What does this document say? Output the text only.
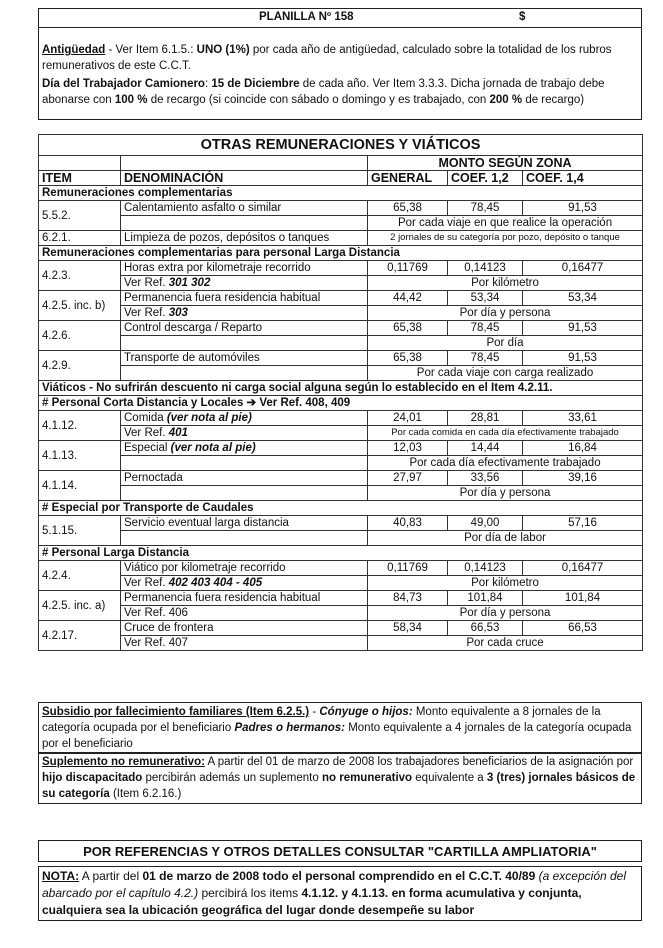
PLANILLA Nº 158	$
Antigüedad - Ver Item 6.1.5.: UNO (1%) por cada año de antigüedad, calculado sobre la totalidad de los rubros remunerativos de este C.C.T.
Día del Trabajador Camionero: 15 de Diciembre de cada año. Ver Item 3.3.3. Dicha jornada de trabajo debe abonarse con 100 % de recargo (si coincide con sábado o domingo y es trabajado, con 200 % de recargo)
OTRAS REMUNERACIONES Y VIÁTICOS				
		MONTO SEGÚN ZONA		
ITEM	DENOMINACIÓN	GENERAL	COEF. 1,2	COEF. 1,4
Remuneraciones complementarias				
5.5.2.	Calentamiento asfalto o similar	65,38	78,45	91,53
		Por cada viaje en que realice la operación		
6.2.1.	Limpieza de pozos, depósitos o tanques	2 jornales de su categoría por pozo, depósito o tanque		
Remuneraciones complementarias para personal Larga Distancia				
4.2.3.	Horas extra por kilometraje recorrido	0,11769	0,14123	0,16477
	Ver Ref. 301 302	Por kilómetro		
4.2.5. inc. b)	Permanencia fuera residencia habitual	44,42	53,34	53,34
	Ver Ref. 303	Por día y persona		
4.2.6.	Control descarga / Reparto	65,38	78,45	91,53
		Por día		
4.2.9.	Transporte de automóviles	65,38	78,45	91,53
		Por cada viaje con carga realizado		
Viáticos - No sufrirán descuento ni carga social alguna según lo establecido en el Item 4.2.11.				
# Personal Corta Distancia y Locales ➔ Ver Ref. 408, 409				
4.1.12.	Comida (ver nota al pie)	24,01	28,81	33,61
	Ver Ref. 401	Por cada comida en cada día efectivamente trabajado		
4.1.13.	Especial (ver nota al pie)	12,03	14,44	16,84
		Por cada día efectivamente trabajado		
4.1.14.	Pernoctada	27,97	33,56	39,16
		Por día y persona		
# Especial por Transporte de Caudales				
5.1.15.	Servicio eventual larga distancia	40,83	49,00	57,16
		Por día de labor		
# Personal Larga Distancia				
4.2.4.	Viático por kilometraje recorrido	0,11769	0,14123	0,16477
	Ver Ref. 402 403 404 - 405	Por kilómetro		
4.2.5. inc. a)	Permanencia fuera residencia habitual	84,73	101,84	101,84
	Ver Ref. 406	Por día y persona		
4.2.17.	Cruce de frontera	58,34	66,53	66,53
	Ver Ref. 407	Por cada cruce		
Subsidio por fallecimiento familiares (Item 6.2.5.) - Cónyuge o hijos: Monto equivalente a 8 jornales de la categoría ocupada por el beneficiario Padres o hermanos: Monto equivalente a 4 jornales de la categoría ocupada por el beneficiario
Suplemento no remunerativo: A partir del 01 de marzo de 2008 los trabajadores beneficiarios de la asignación por hijo discapacitado percibirán además un suplemento no remunerativo equivalente a 3 (tres) jornales básicos de su categoría (Item 6.2.16.)
POR REFERENCIAS Y OTROS DETALLES CONSULTAR "CARTILLA AMPLIATORIA"
NOTA: A partir del 01 de marzo de 2008 todo el personal comprendido en el C.C.T. 40/89 (a excepción del abarcado por el capítulo 4.2.) percibirá los items 4.1.12. y 4.1.13. en forma acumulativa y conjunta, cualquiera sea la ubicación geográfica del lugar donde desempeñe su labor
